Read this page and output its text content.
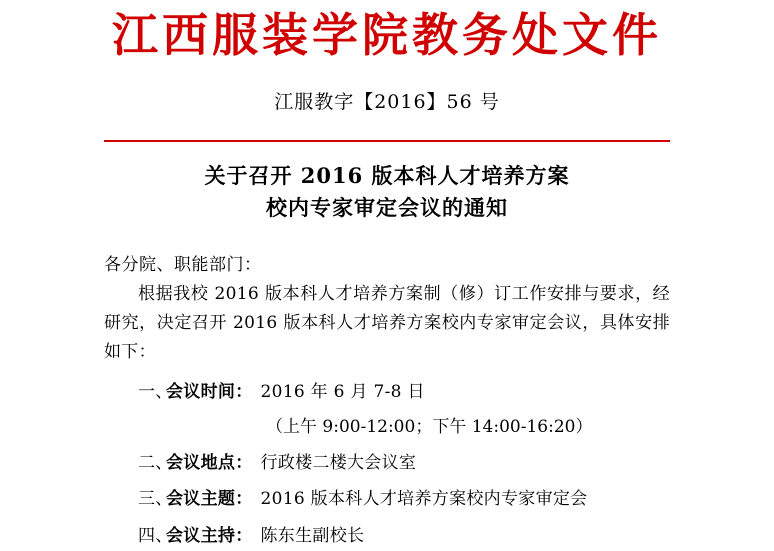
江西服装学院教务处文件
江服教字【2016】56 号
关于召开 2016 版本科人才培养方案
校内专家审定会议的通知
各分院、职能部门：
根据我校 2016 版本科人才培养方案制（修）订工作安排与要求，经研究，决定召开 2016 版本科人才培养方案校内专家审定会议，具体安排如下：
一、
会议时间： 2016 年 6 月 7-8 日
（上午 9:00-12:00；下午 14:00-16:20）
二、
会议地点： 行政楼二楼大会议室
三、
会议主题： 2016 版本科人才培养方案校内专家审定会
四、
会议主持： 陈东生副校长
